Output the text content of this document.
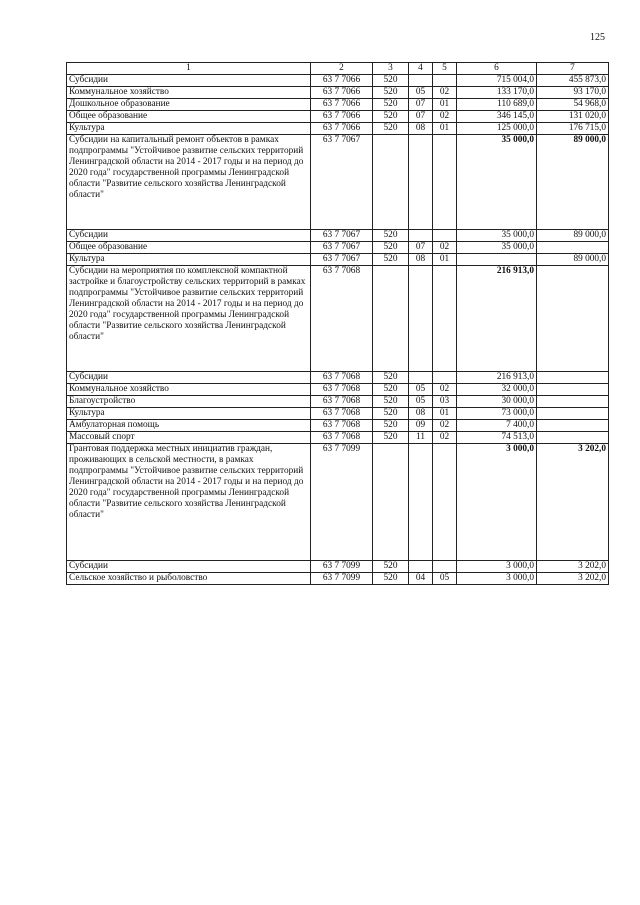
125
1	2	3	4	5	6	7
Субсидии	63 7 7066	520			715 004,0	455 873,0
Коммунальное хозяйство	63 7 7066	520	05	02	133 170,0	93 170,0
Дошкольное образование	63 7 7066	520	07	01	110 689,0	54 968,0
Общее образование	63 7 7066	520	07	02	346 145,0	131 020,0
Культура	63 7 7066	520	08	01	125 000,0	176 715,0
Субсидии на капитальный ремонт объектов в рамках подпрограммы "Устойчивое развитие сельских территорий Ленинградской области на 2014 - 2017 годы и на период до 2020 года" государственной программы Ленинградской области "Развитие сельского хозяйства Ленинградской области"	63 7 7067				35 000,0	89 000,0
Субсидии	63 7 7067	520			35 000,0	89 000,0
Общее образование	63 7 7067	520	07	02	35 000,0	
Культура	63 7 7067	520	08	01		89 000,0
Субсидии на мероприятия по комплексной компактной застройке и благоустройству сельских территорий в рамках подпрограммы "Устойчивое развитие сельских территорий Ленинградской области на 2014 - 2017 годы и на период до 2020 года" государственной программы Ленинградской области "Развитие сельского хозяйства Ленинградской области"	63 7 7068				216 913,0	
Субсидии	63 7 7068	520			216 913,0	
Коммунальное хозяйство	63 7 7068	520	05	02	32 000,0	
Благоустройство	63 7 7068	520	05	03	30 000,0	
Культура	63 7 7068	520	08	01	73 000,0	
Амбулаторная помощь	63 7 7068	520	09	02	7 400,0	
Массовый спорт	63 7 7068	520	11	02	74 513,0	
Грантовая поддержка местных инициатив граждан, проживающих в сельской местности, в рамках подпрограммы "Устойчивое развитие сельских территорий Ленинградской области на 2014 - 2017 годы и на период до 2020 года" государственной программы Ленинградской области "Развитие сельского хозяйства Ленинградской области"	63 7 7099				3 000,0	3 202,0
Субсидии	63 7 7099	520			3 000,0	3 202,0
Сельское хозяйство и рыболовство	63 7 7099	520	04	05	3 000,0	3 202,0
